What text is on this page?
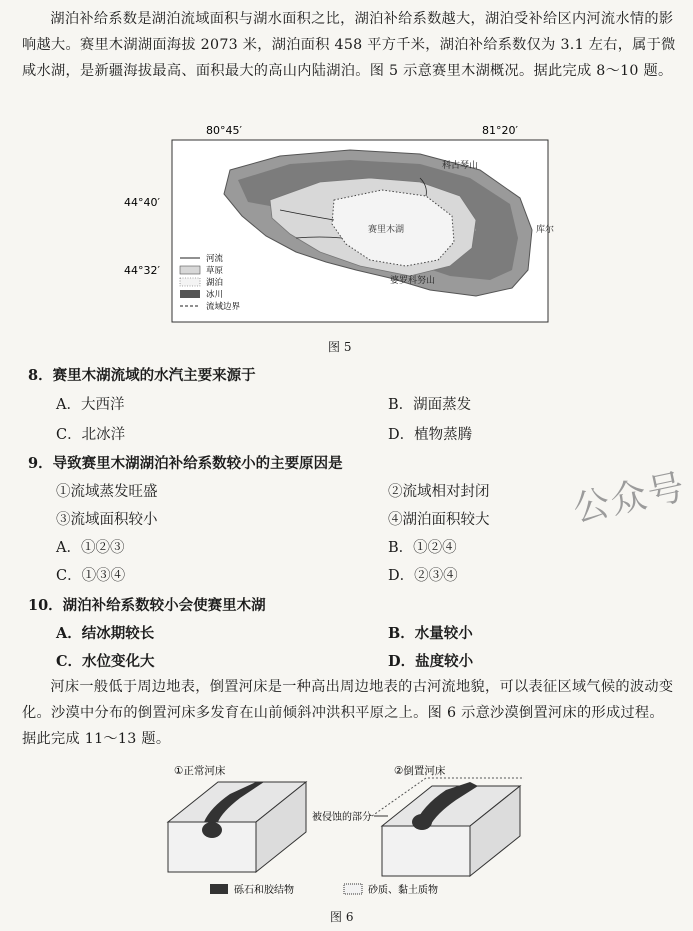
湖泊补给系数是湖泊流域面积与湖水面积之比，湖泊补给系数越大，湖泊受补给区内河流水情的影响越大。赛里木湖湖面海拔 2073 米，湖泊面积 458 平方千米，湖泊补给系数仅为 3.1 左右，属于微咸水湖，是新疆海拔最高、面积最大的高山内陆湖泊。图 5 示意赛里木湖概况。据此完成 8～10 题。
80°45′	81°20′
44°40′
44°32′
赛里木湖
科古琴山
婆罗科努山
库尔
河流
草原
湖泊
冰川
流域边界
图 5
8．赛里木湖流域的水汽主要来源于
A．大西洋	B．湖面蒸发
C．北冰洋	D．植物蒸腾
9．导致赛里木湖湖泊补给系数较小的主要原因是
①流域蒸发旺盛	②流域相对封闭
③流域面积较小	④湖泊面积较大
A．①②③	B．①②④
C．①③④	D．②③④
10．湖泊补给系数较小会使赛里木湖
A．结冰期较长	B．水量较小
C．水位变化大	D．盐度较小
河床一般低于周边地表，倒置河床是一种高出周边地表的古河流地貌，可以表征区域气候的波动变化。沙漠中分布的倒置河床多发育在山前倾斜冲洪积平原之上。图 6 示意沙漠倒置河床的形成过程。据此完成 11～13 题。
①正常河床	②倒置河床
被侵蚀的部分
砾石和胶结物	砂质、黏土质物
图 6
公众号
